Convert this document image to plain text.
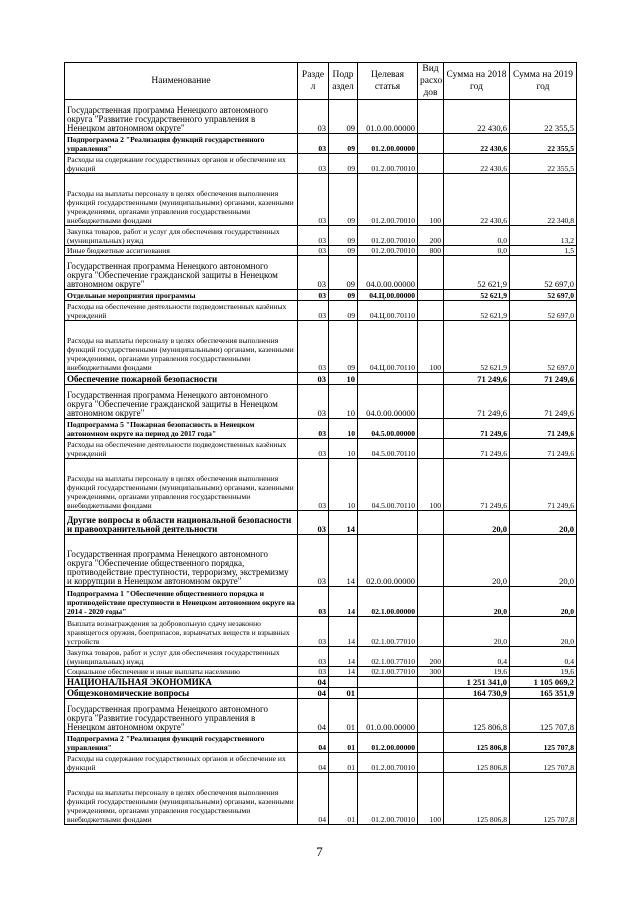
Наименование	Разде л	Подр аздел	Целевая статья	Вид расхо дов	Сумма на 2018 год	Сумма на 2019 год
Государственная программа Ненецкого автономного округа "Развитие государственного управления в Ненецком автономном округе"	03	09	01.0.00.00000		22 430,6	22 355,5
Подпрограмма 2 "Реализация функций государственного управления"	03	09	01.2.00.00000		22 430,6	22 355,5
Расходы на содержание государственных органов и обеспечение их функций	03	09	01.2.00.70010		22 430,6	22 355,5
Расходы на выплаты персоналу в целях обеспечения выполнения функций государственными (муниципальными) органами, казенными учреждениями, органами управления государственными внебюджетными фондами	03	09	01.2.00.70010	100	22 430,6	22 340,8
Закупка товаров, работ и услуг для обеспечения государственных (муниципальных) нужд	03	09	01.2.00.70010	200	0,0	13,2
Иные бюджетные ассигнования	03	09	01.2.00.70010	800	0,0	1,5
Государственная программа Ненецкого автономного округа "Обеспечение гражданской защиты в Ненецком автономном округе"	03	09	04.0.00.00000		52 621,9	52 697,0
Отдельные мероприятия программы	03	09	04.Ц.00.00000		52 621,9	52 697,0
Расходы на обеспечение деятельности подведомственных казённых учреждений	03	09	04.Ц.00.70110		52 621,9	52 697,0
Расходы на выплаты персоналу в целях обеспечения выполнения функций государственными (муниципальными) органами, казенными учреждениями, органами управления государственными внебюджетными фондами	03	09	04.Ц.00.70110	100	52 621,9	52 697,0
Обеспечение пожарной безопасности	03	10			71 249,6	71 249,6
Государственная программа Ненецкого автономного округа "Обеспечение гражданской защиты в Ненецком автономном округе"	03	10	04.0.00.00000		71 249,6	71 249,6
Подпрограмма 5 "Пожарная безопасность в Ненецком автономном округе на период до 2017 года"	03	10	04.5.00.00000		71 249,6	71 249,6
Расходы на обеспечение деятельности подведомственных казённых учреждений	03	10	04.5.00.70110		71 249,6	71 249,6
Расходы на выплаты персоналу в целях обеспечения выполнения функций государственными (муниципальными) органами, казенными учреждениями, органами управления государственными внебюджетными фондами	03	10	04.5.00.70110	100	71 249,6	71 249,6
Другие вопросы в области национальной безопасности и правоохранительной деятельности	03	14			20,0	20,0
Государственная программа Ненецкого автономного округа "Обеспечение общественного порядка, противодействие преступности, терроризму, экстремизму и коррупции в Ненецком автономном округе"	03	14	02.0.00.00000		20,0	20,0
Подпрограмма 1 "Обеспечение общественного порядка и противодействие преступности в Ненецком автономном округе на 2014 - 2020 годы"	03	14	02.1.00.00000		20,0	20,0
Выплата вознаграждения за добровольную сдачу незаконно хранящегося оружия, боеприпасов, взрывчатых веществ и взрывных устройств	03	14	02.1.00.77010		20,0	20,0
Закупка товаров, работ и услуг для обеспечения государственных (муниципальных) нужд	03	14	02.1.00.77010	200	0,4	0,4
Социальное обеспечение и иные выплаты населению	03	14	02.1.00.77010	300	19,6	19,6
НАЦИОНАЛЬНАЯ ЭКОНОМИКА	04				1 251 341,0	1 105 069,2
Общеэкономические вопросы	04	01			164 730,9	165 351,9
Государственная программа Ненецкого автономного округа "Развитие государственного управления в Ненецком автономном округе"	04	01	01.0.00.00000		125 806,8	125 707,8
Подпрограмма 2 "Реализация функций государственного управления"	04	01	01.2.00.00000		125 806,8	125 707,8
Расходы на содержание государственных органов и обеспечение их функций	04	01	01.2.00.70010		125 806,8	125 707,8
Расходы на выплаты персоналу в целях обеспечения выполнения функций государственными (муниципальными) органами, казенными учреждениями, органами управления государственными внебюджетными фондами	04	01	01.2.00.70010	100	125 806,8	125 707,8
7
